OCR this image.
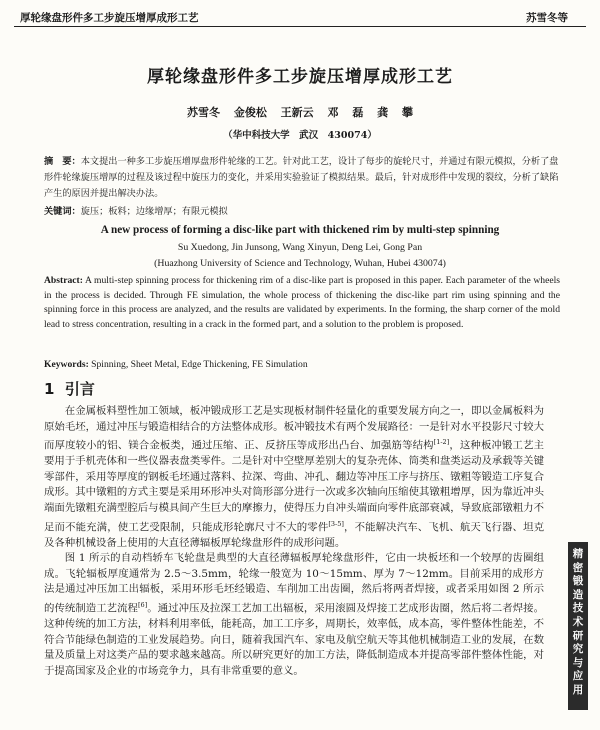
厚轮缘盘形件多工步旋压增厚成形工艺	苏雪冬等
厚轮缘盘形件多工步旋压增厚成形工艺
苏雪冬 金俊松 王新云 邓 磊 龚 攀
（华中科技大学　武汉　430074）
摘　要：本文提出一种多工步旋压增厚盘形件轮缘的工艺。针对此工艺，设计了每步的旋轮尺寸，并通过有限元模拟，分析了盘形件轮缘旋压增厚的过程及该过程中旋压力的变化，并采用实验验证了模拟结果。最后，针对成形件中发现的裂纹，分析了缺陷产生的原因并提出解决办法。
关键词：旋压；板料；边缘增厚；有限元模拟
A new process of forming a disc-like part with thickened rim by multi-step spinning
Su Xuedong, Jin Junsong, Wang Xinyun, Deng Lei, Gong Pan
(Huazhong University of Science and Technology, Wuhan, Hubei 430074)
Abstract: A multi-step spinning process for thickening rim of a disc-like part is proposed in this paper. Each parameter of the wheels in the process is decided. Through FE simulation, the whole process of thickening the disc-like part rim using spinning and the spinning force in this process are analyzed, and the results are validated by experiments. In the forming, the sharp corner of the mold lead to stress concentration, resulting in a crack in the formed part, and a solution to the problem is proposed.
Keywords: Spinning, Sheet Metal, Edge Thickening, FE Simulation
1 引言

在金属板料塑性加工领域，板冲锻成形工艺是实现板材制件轻量化的重要发展方向之一，即以金属板料为原始毛坯，通过冲压与锻造相结合的方法整体成形。板冲锻技术有两个发展路径：一是针对水平投影尺寸较大而厚度较小的铝、镁合金板类，通过压缩、正、反挤压等成形出凸台、加强筋等结构[1-2]，这种板冲锻工艺主要用于手机壳体和一些仪器表盘类零件。二是针对中空壁厚差别大的复杂壳体、筒类和盘类运动及承载等关键零部件，采用等厚度的钢板毛坯通过落料、拉深、弯曲、冲孔、翻边等冲压工序与挤压、镦粗等锻造工序复合成形。其中镦粗的方式主要是采用环形冲头对筒形部分进行一次或多次轴向压缩使其镦粗增厚，因为靠近冲头端面先镦粗充满型腔后与模具间产生巨大的摩擦力，使得压力自冲头端面向零件底部衰减，导致底部镦粗力不足而不能充满，使工艺受限制，只能成形轮廓尺寸不大的零件[3-5]，不能解决汽车、飞机、航天飞行器、坦克及各种机械设备上使用的大直径薄辐板厚轮缘盘形件的成形问题。

图 1 所示的自动档轿车飞轮盘是典型的大直径薄辐板厚轮缘盘形件，它由一块板坯和一个较厚的齿圈组成。飞轮辐板厚度通常为 2.5～3.5mm，轮缘一般宽为 10～15mm、厚为 7～12mm。目前采用的成形方法是通过冲压加工出辐板，采用环形毛坯经锻造、车削加工出齿圈，然后将两者焊接，或者采用如图 2 所示的传统制造工艺流程[6]。通过冲压及拉深工艺加工出辐板，采用滚圆及焊接工艺成形齿圈，然后将二者焊接。这种传统的加工方法，材料利用率低，能耗高，加工工序多，周期长，效率低，成本高，零件整体性能差，不符合节能绿色制造的工业发展趋势。向日，随着我国汽车、家电及航空航天等其他机械制造工业的发展，在数量及质量上对这类产品的要求越来越高。所以研究更好的加工方法，降低制造成本并提高零部件整体性能，对于提高国家及企业的市场竞争力，具有非常重要的意义。

精
密
锻
造
技
术
研
究
与
应
用
